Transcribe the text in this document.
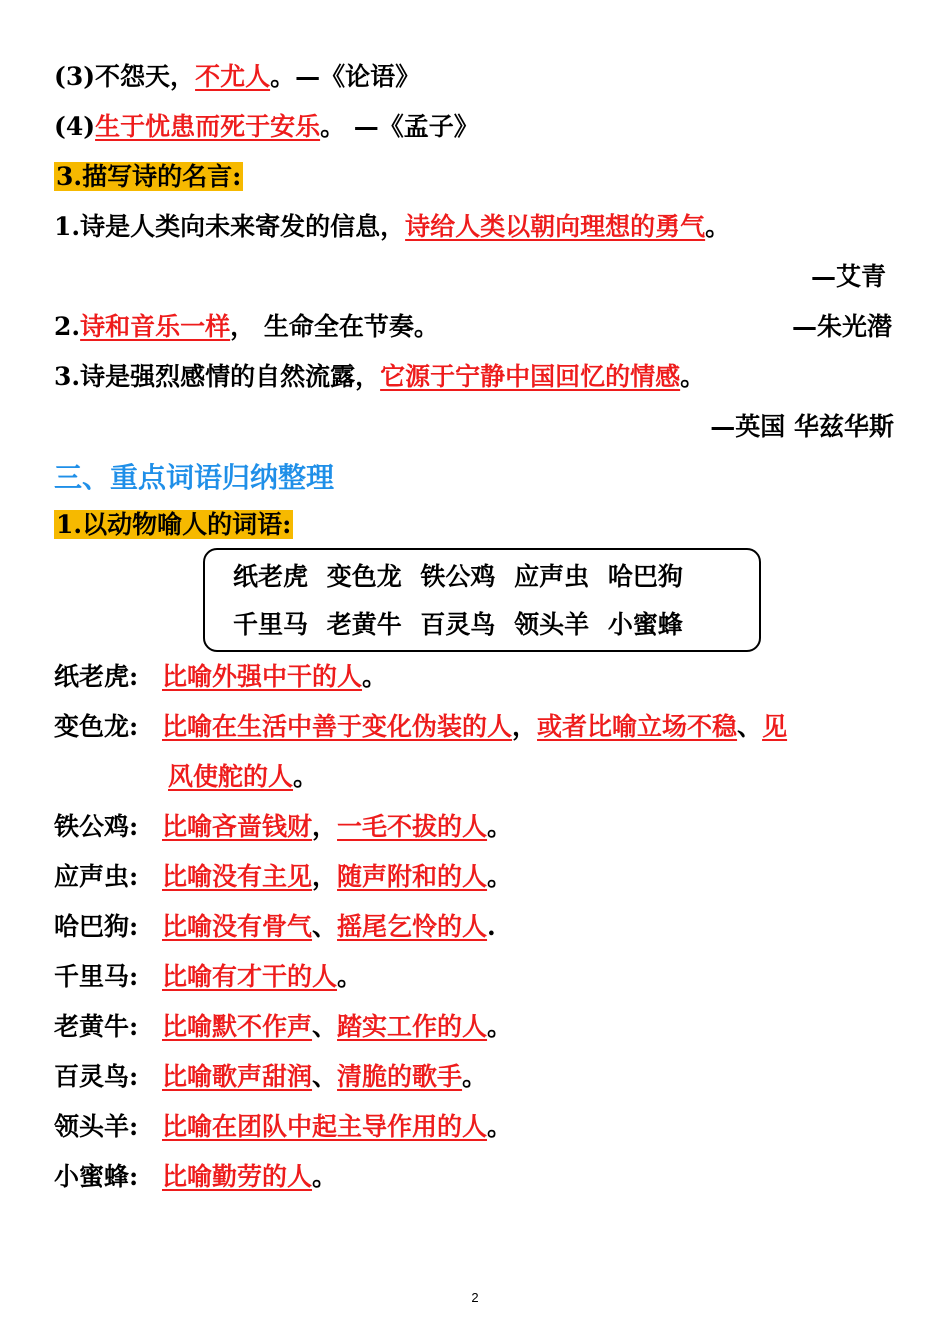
(3)不怨天，不尤人。—《论语》
(4)生于忧患而死于安乐。 —《孟子》
3.描写诗的名言:
1.诗是人类向未来寄发的信息，诗给人类以朝向理想的勇气。
—艾青
2.诗和音乐一样， 生命全在节奏。	—朱光潜
3.诗是强烈感情的自然流露，它源于宁静中国回忆的情感。
—英国 华兹华斯
三、重点词语归纳整理
1.以动物喻人的词语:
纸老虎 变色龙 铁公鸡 应声虫 哈巴狗
千里马 老黄牛 百灵鸟 领头羊 小蜜蜂
纸老虎: 比喻外强中干的人。
变色龙: 比喻在生活中善于变化伪装的人，或者比喻立场不稳、见
风使舵的人。
铁公鸡: 比喻吝啬钱财，一毛不拔的人。
应声虫: 比喻没有主见，随声附和的人。
哈巴狗: 比喻没有骨气、摇尾乞怜的人.
千里马: 比喻有才干的人。
老黄牛: 比喻默不作声、踏实工作的人。
百灵鸟: 比喻歌声甜润、清脆的歌手。
领头羊: 比喻在团队中起主导作用的人。
小蜜蜂: 比喻勤劳的人。
2
